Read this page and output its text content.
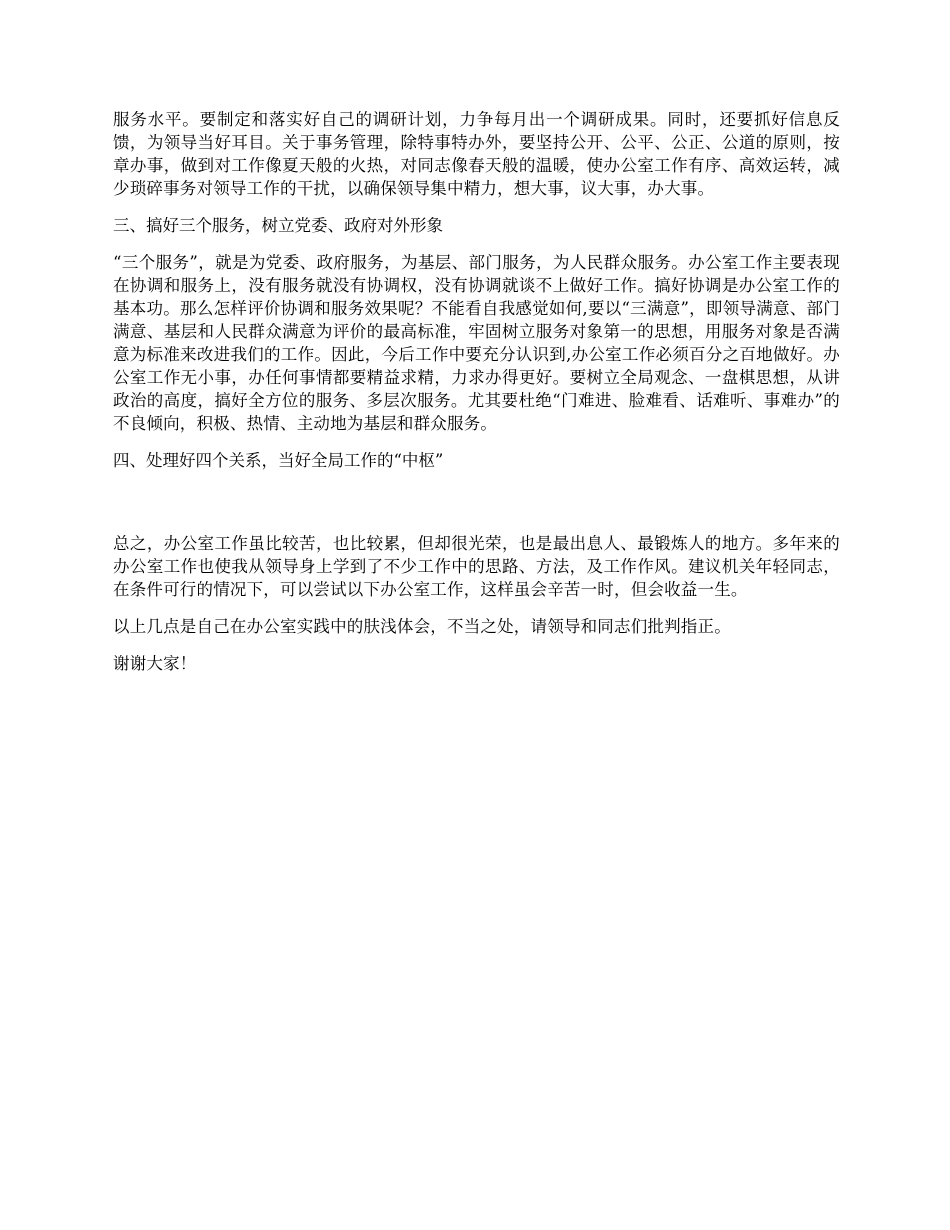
服务水平。要制定和落实好自己的调研计划，力争每月出一个调研成果。同时，还要抓好信息反馈，为领导当好耳目。关于事务管理，除特事特办外，要坚持公开、公平、公正、公道的原则，按章办事，做到对工作像夏天般的火热，对同志像春天般的温暖，使办公室工作有序、高效运转，减少琐碎事务对领导工作的干扰，以确保领导集中精力，想大事，议大事，办大事。

三、搞好三个服务，树立党委、政府对外形象

“三个服务”，就是为党委、政府服务，为基层、部门服务，为人民群众服务。办公室工作主要表现在协调和服务上，没有服务就没有协调权，没有协调就谈不上做好工作。搞好协调是办公室工作的基本功。那么怎样评价协调和服务效果呢？不能看自我感觉如何,要以“三满意”，即领导满意、部门满意、基层和人民群众满意为评价的最高标准，牢固树立服务对象第一的思想，用服务对象是否满意为标准来改进我们的工作。因此，今后工作中要充分认识到,办公室工作必须百分之百地做好。办公室工作无小事，办任何事情都要精益求精，力求办得更好。要树立全局观念、一盘棋思想，从讲政治的高度，搞好全方位的服务、多层次服务。尤其要杜绝“门难进、脸难看、话难听、事难办”的不良倾向，积极、热情、主动地为基层和群众服务。

四、处理好四个关系，当好全局工作的“中枢”

总之，办公室工作虽比较苦，也比较累，但却很光荣，也是最出息人、最锻炼人的地方。多年来的办公室工作也使我从领导身上学到了不少工作中的思路、方法，及工作作风。建议机关年轻同志，在条件可行的情况下，可以尝试以下办公室工作，这样虽会辛苦一时，但会收益一生。

以上几点是自己在办公室实践中的肤浅体会，不当之处，请领导和同志们批判指正。

谢谢大家！
